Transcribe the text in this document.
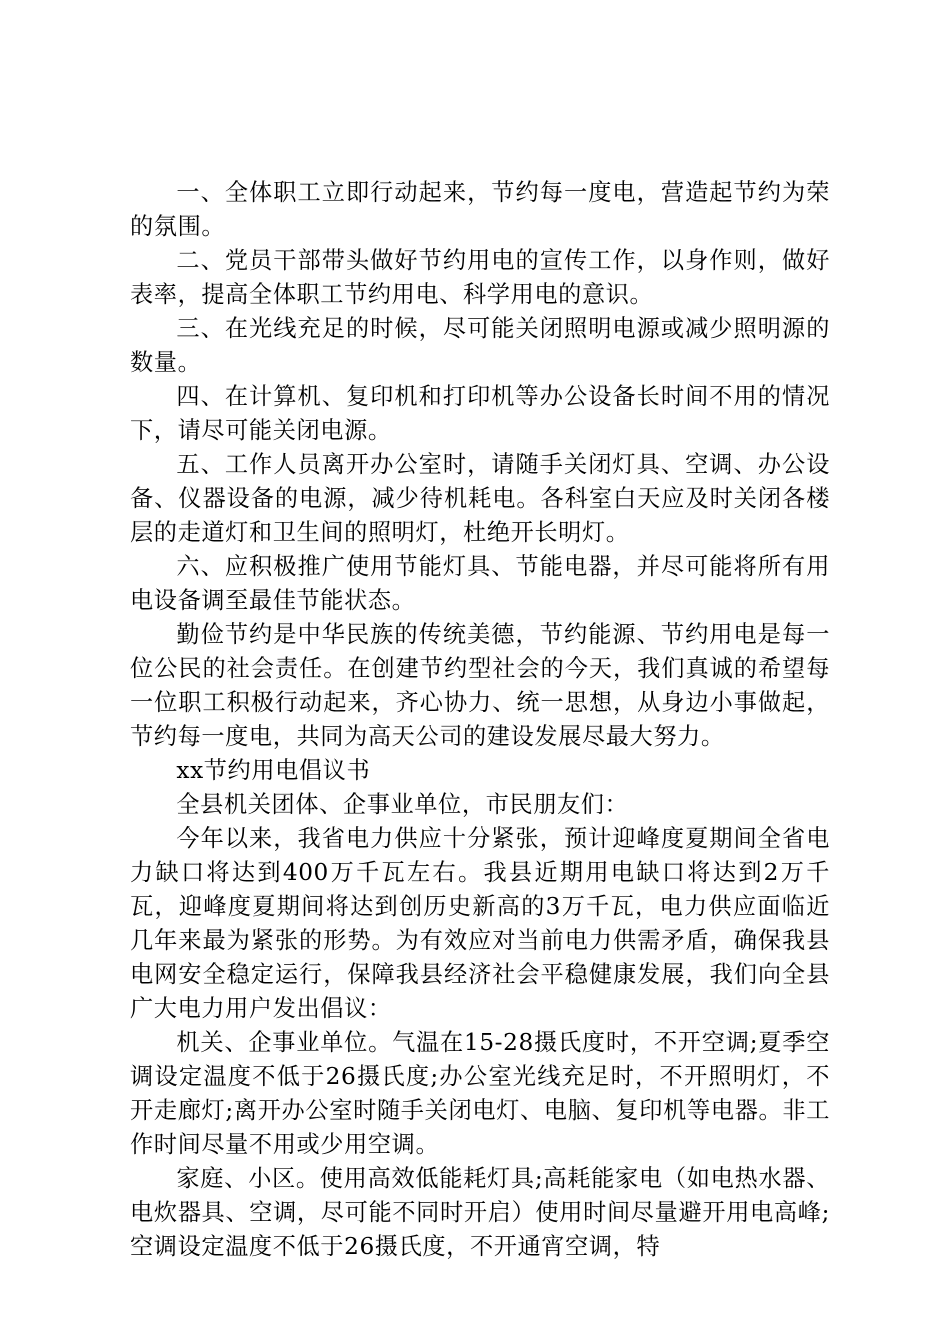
一、全体职工立即行动起来，节约每一度电，营造起节约为荣的氛围。

二、党员干部带头做好节约用电的宣传工作，以身作则，做好表率，提高全体职工节约用电、科学用电的意识。

三、在光线充足的时候，尽可能关闭照明电源或减少照明源的数量。

四、在计算机、复印机和打印机等办公设备长时间不用的情况下，请尽可能关闭电源。

五、工作人员离开办公室时，请随手关闭灯具、空调、办公设备、仪器设备的电源，减少待机耗电。各科室白天应及时关闭各楼层的走道灯和卫生间的照明灯，杜绝开长明灯。

六、应积极推广使用节能灯具、节能电器，并尽可能将所有用电设备调至最佳节能状态。

勤俭节约是中华民族的传统美德，节约能源、节约用电是每一位公民的社会责任。在创建节约型社会的今天，我们真诚的希望每一位职工积极行动起来，齐心协力、统一思想，从身边小事做起，节约每一度电，共同为高天公司的建设发展尽最大努力。

xx节约用电倡议书

全县机关团体、企事业单位，市民朋友们：

今年以来，我省电力供应十分紧张，预计迎峰度夏期间全省电力缺口将达到400万千瓦左右。我县近期用电缺口将达到2万千瓦，迎峰度夏期间将达到创历史新高的3万千瓦，电力供应面临近几年来最为紧张的形势。为有效应对当前电力供需矛盾，确保我县电网安全稳定运行，保障我县经济社会平稳健康发展，我们向全县广大电力用户发出倡议：

机关、企事业单位。气温在15-28摄氏度时，不开空调;夏季空调设定温度不低于26摄氏度;办公室光线充足时，不开照明灯，不开走廊灯;离开办公室时随手关闭电灯、电脑、复印机等电器。非工作时间尽量不用或少用空调。

家庭、小区。使用高效低能耗灯具;高耗能家电（如电热水器、电炊器具、空调，尽可能不同时开启）使用时间尽量避开用电高峰;空调设定温度不低于26摄氏度，不开通宵空调，特
